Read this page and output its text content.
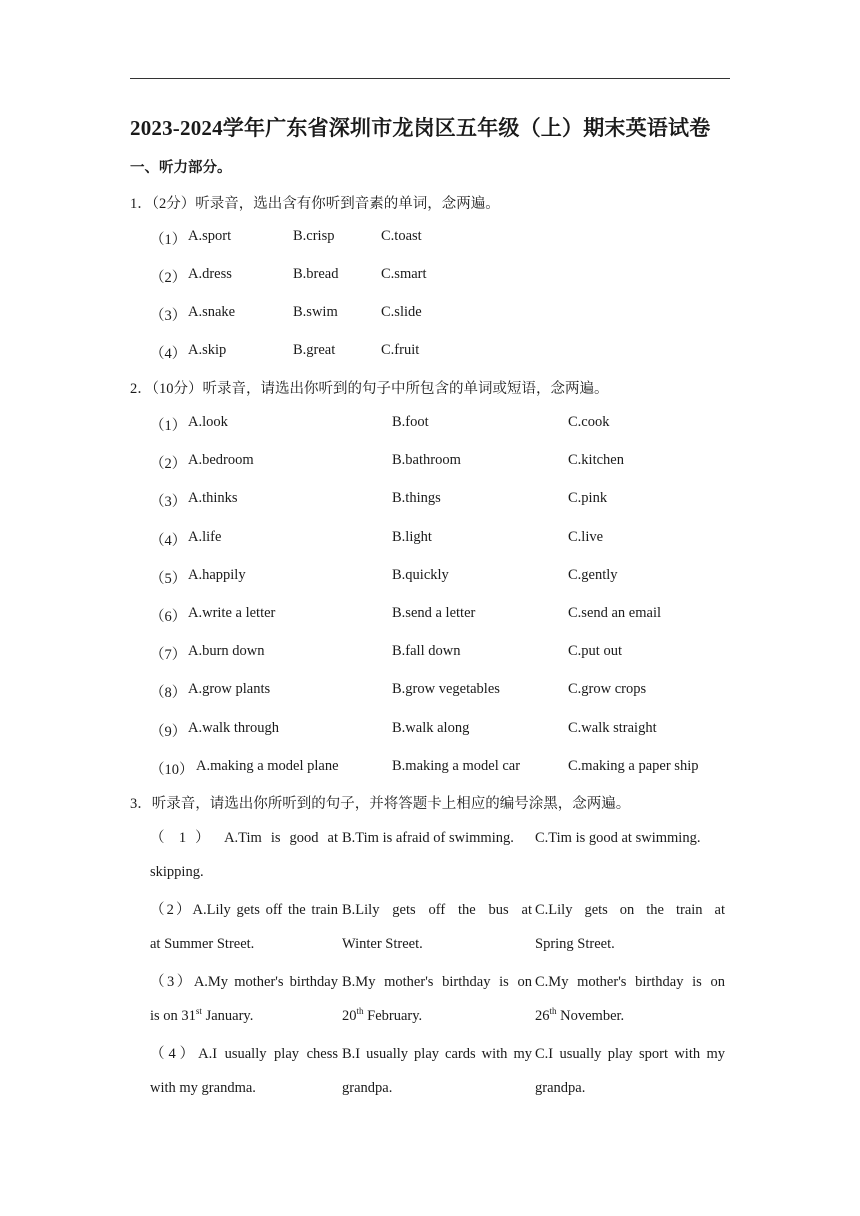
2023-2024学年广东省深圳市龙岗区五年级（上）期末英语试卷
一、听力部分。
1．（2分）听录音，选出含有你听到音素的单词，念两遍。
（1） A.sport	B.crisp	C.toast
（2） A.dress	B.bread	C.smart
（3） A.snake	B.swim	C.slide
（4） A.skip	B.great	C.fruit
2．（10分）听录音，请选出你听到的句子中所包含的单词或短语，念两遍。
（1） A.look	B.foot	C.cook
（2） A.bedroom	B.bathroom	C.kitchen
（3） A.thinks	B.things	C.pink
（4） A.life	B.light	C.live
（5） A.happily	B.quickly	C.gently
（6） A.write a letter	B.send a letter	C.send an email
（7） A.burn down	B.fall down	C.put out
（8） A.grow plants	B.grow vegetables	C.grow crops
（9） A.walk through	B.walk along	C.walk straight
（10） A.making a model plane	B.making a model car	C.making a paper ship
3．听录音，请选出你所听到的句子，并将答题卡上相应的编号涂黑，念两遍。
（ 1 ） A.Tim is good at
skipping.
B.Tim is afraid of swimming.	C.Tim is good at swimming.
（2）A.Lily gets off the train
at Summer Street.
B.Lily gets off the bus at
Winter Street.
C.Lily gets on the train at
Spring Street.
（3）A.My mother's birthday
is on 31st January.
B.My mother's birthday is on
20th February.
C.My mother's birthday is on
26th November.
（4）A.I usually play chess
with my grandma.
B.I usually play cards with my
grandpa.
C.I usually play sport with my
grandpa.
